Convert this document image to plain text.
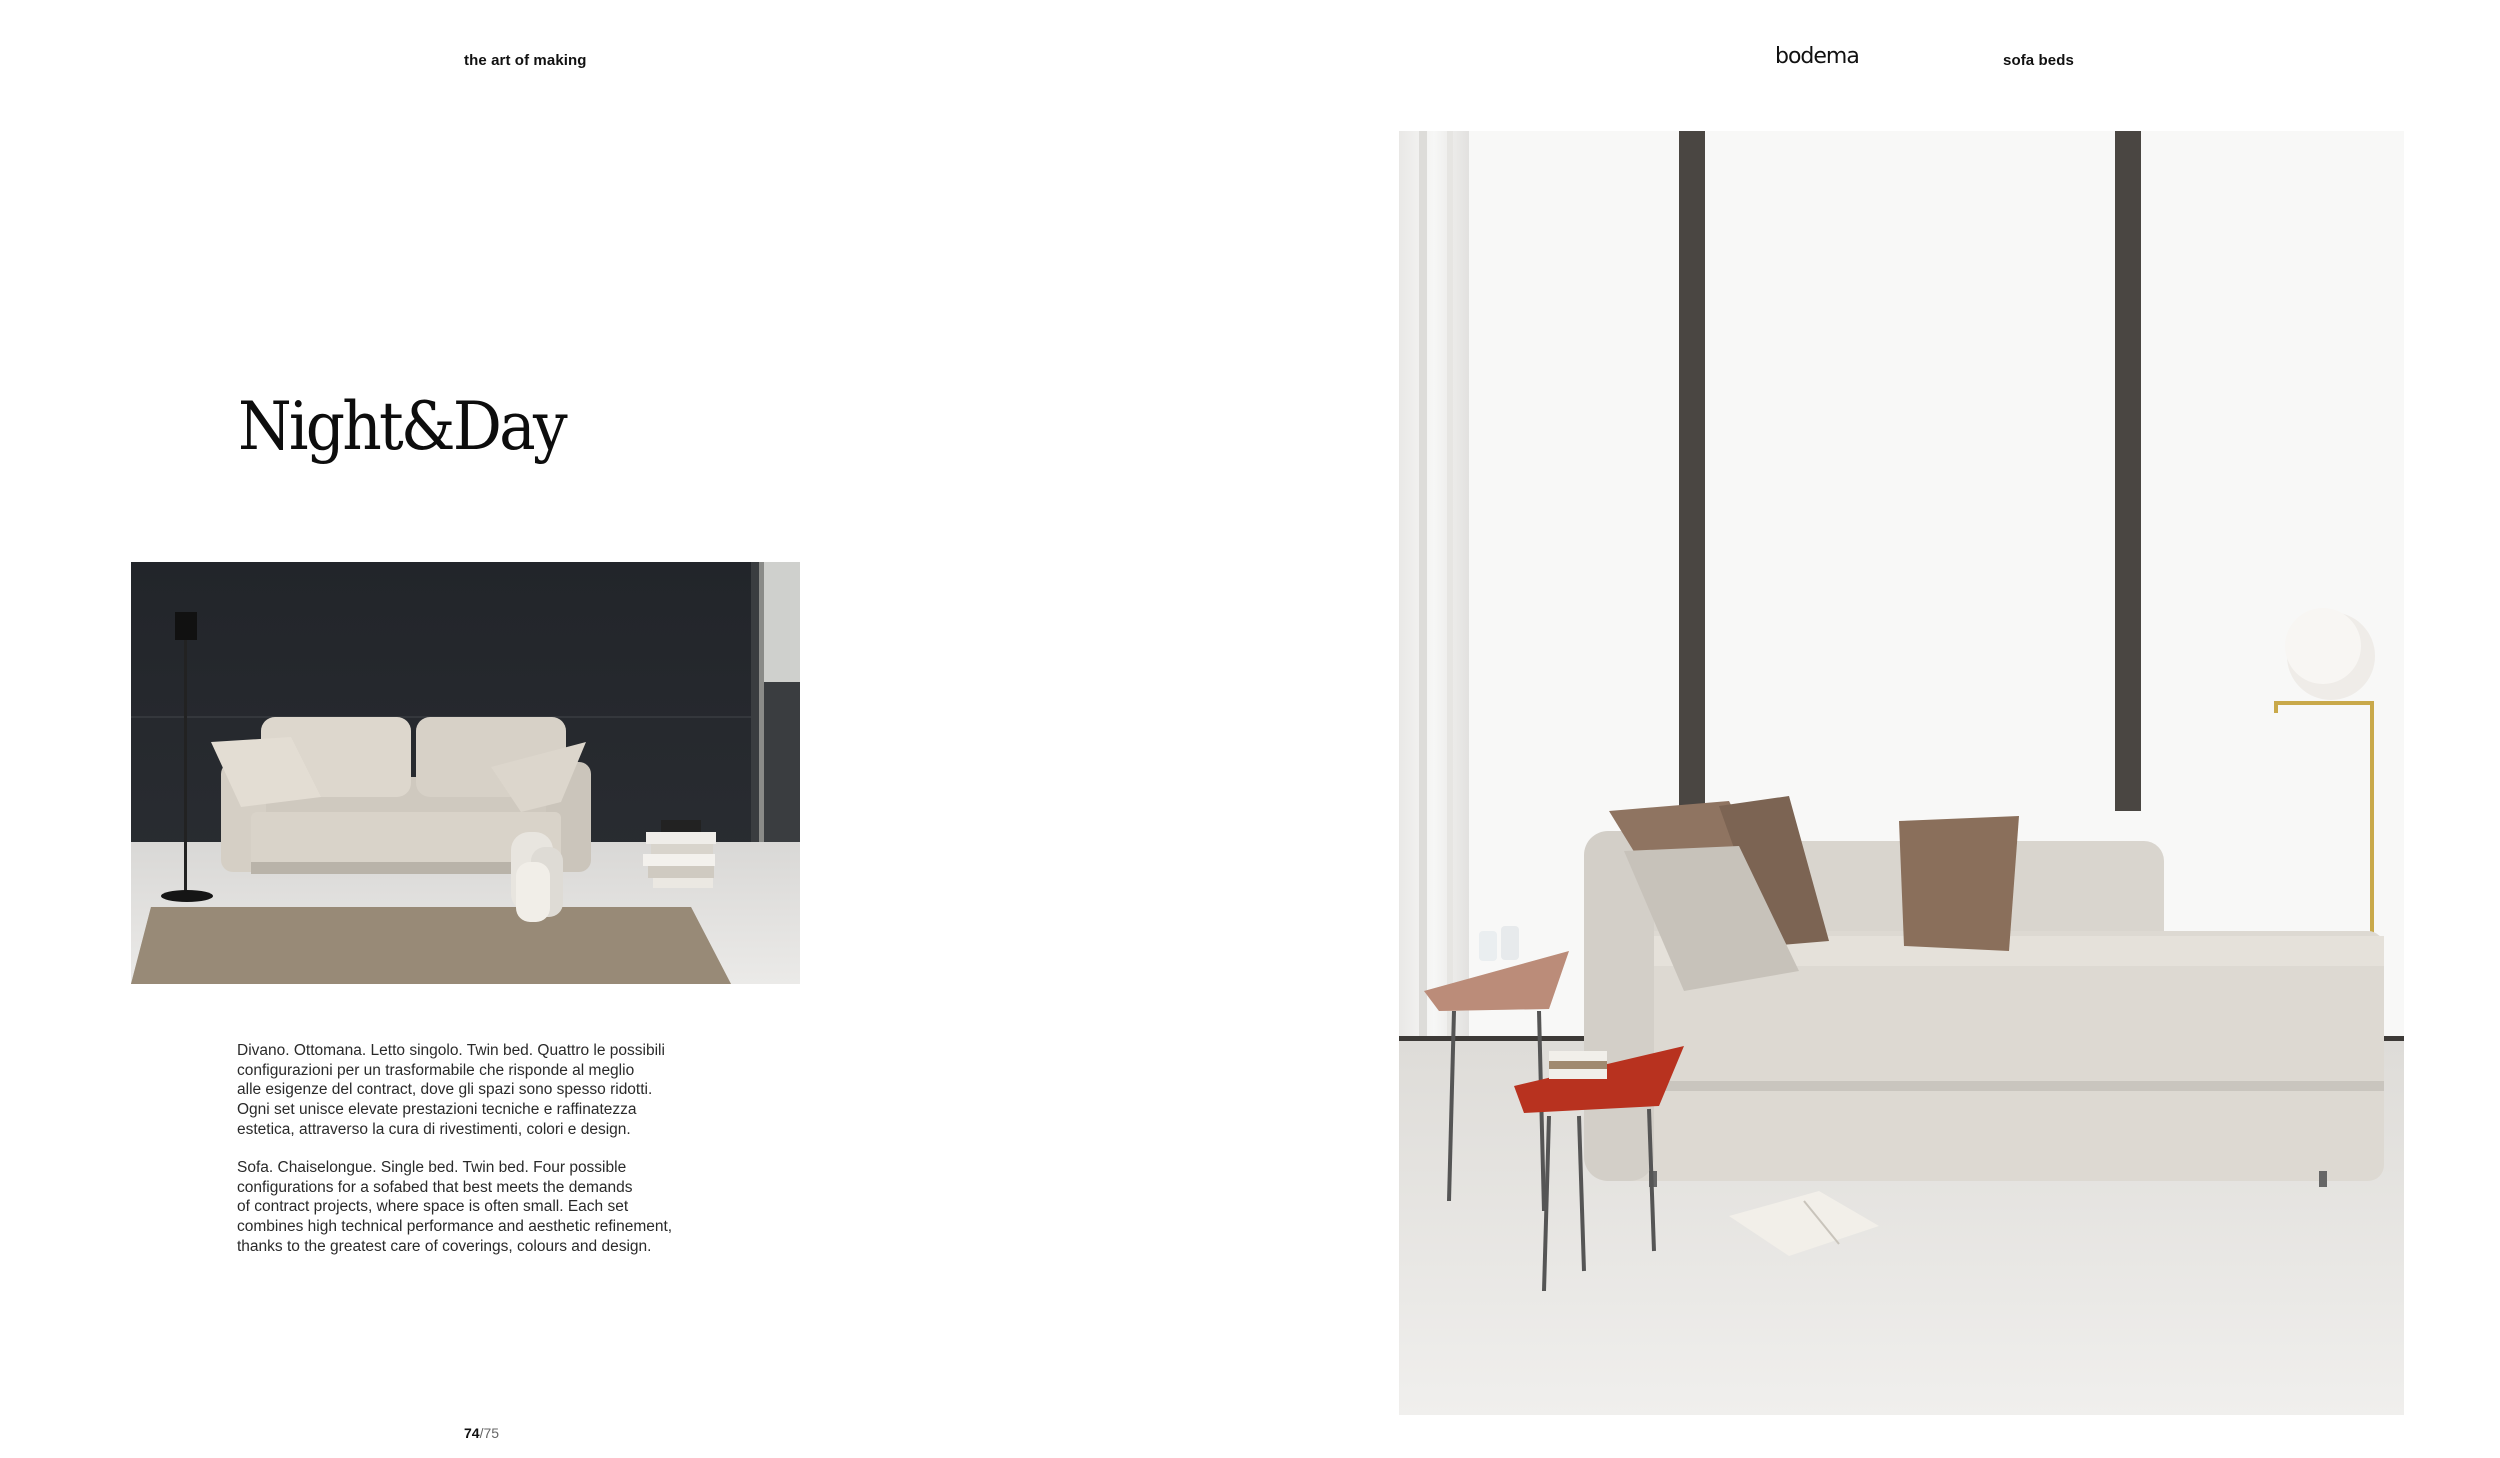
the art of making	bodema	sofa beds
Night&Day
Divano. Ottomana. Letto singolo. Twin bed. Quattro le possibili
configurazioni per un trasformabile che risponde al meglio
alle esigenze del contract, dove gli spazi sono spesso ridotti.
Ogni set unisce elevate prestazioni tecniche e raffinatezza
estetica, attraverso la cura di rivestimenti, colori e design.
Sofa. Chaiselongue. Single bed. Twin bed. Four possible
configurations for a sofabed that best meets the demands
of contract projects, where space is often small. Each set
combines high technical performance and aesthetic refinement,
thanks to the greatest care of coverings, colours and design.
74/75
